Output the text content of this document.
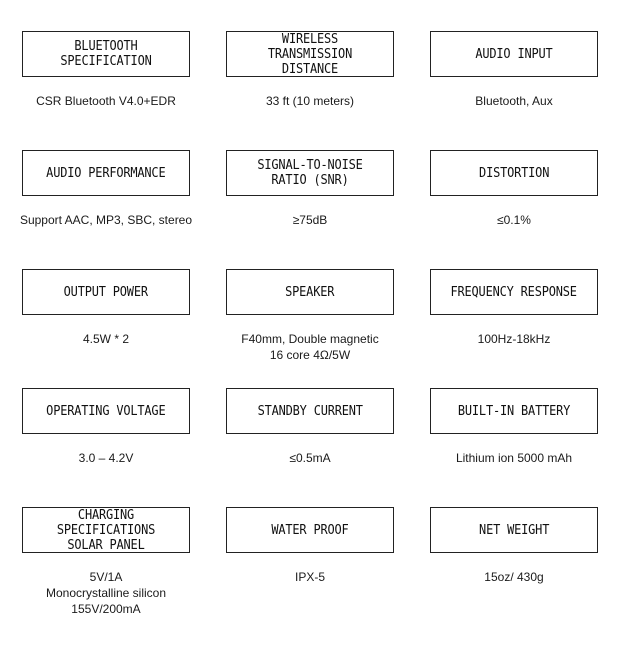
BLUETOOTH SPECIFICATION
CSR Bluetooth V4.0+EDR
WIRELESS TRANSMISSION
DISTANCE
33 ft (10 meters)
AUDIO INPUT
Bluetooth, Aux
AUDIO PERFORMANCE
Support AAC, MP3, SBC, stereo
SIGNAL-TO-NOISE RATIO (SNR)
≥75dB
DISTORTION
≤0.1%
OUTPUT POWER
4.5W * 2
SPEAKER
F40mm, Double magnetic
16 core 4Ω/5W
FREQUENCY RESPONSE
100Hz-18kHz
OPERATING VOLTAGE
3.0 – 4.2V
STANDBY CURRENT
≤0.5mA
BUILT-IN BATTERY
Lithium ion 5000 mAh
CHARGING SPECIFICATIONS
SOLAR PANEL
5V/1A
Monocrystalline silicon
155V/200mA
WATER PROOF
IPX-5
NET WEIGHT
15oz/ 430g
